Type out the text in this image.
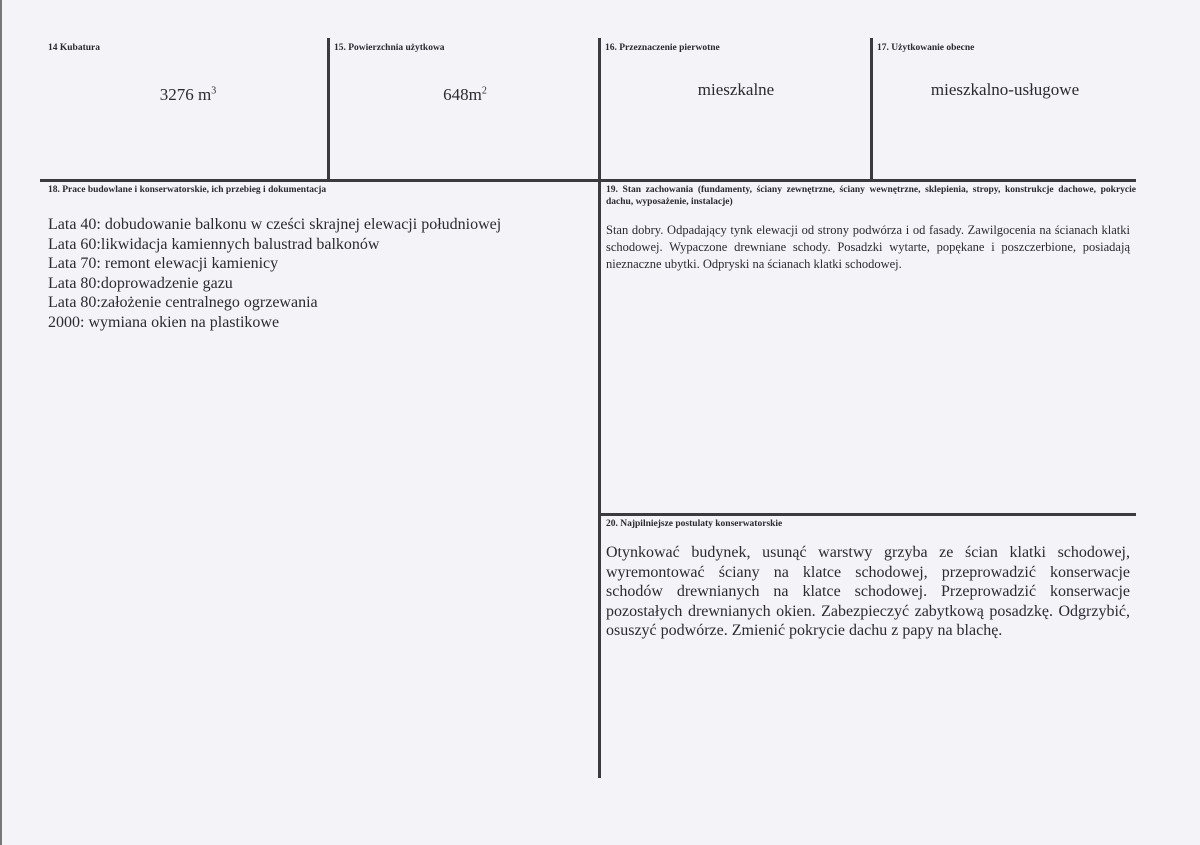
14 Kubatura
3276 $m^3$
15. Powierzchnia użytkowa
$648m^2$
16. Przeznaczenie pierwotne
mieszkalne
17. Użytkowanie obecne
mieszkalno-usługowe
18. Prace budowlane i konserwatorskie, ich przebieg i dokumentacja
Lata 40: dobudowanie balkonu w cześci skrajnej elewacji południowej
Lata 60:likwidacja kamiennych balustrad balkonów
Lata 70: remont elewacji kamienicy
Lata 80:doprowadzenie gazu
Lata 80:założenie centralnego ogrzewania
2000: wymiana okien na plastikowe
19. Stan zachowania (fundamenty, ściany zewnętrzne, ściany wewnętrzne, sklepienia, stropy, konstrukcje dachowe, pokrycie dachu, wyposażenie, instalacje)
Stan dobry. Odpadający tynk elewacji od strony podwórza i od fasady. Zawilgocenia na ścianach klatki schodowej. Wypaczone drewniane schody. Posadzki wytarte, popękane i poszczerbione, posiadają nieznaczne ubytki. Odpryski na ścianach klatki schodowej.
20. Najpilniejsze postulaty konserwatorskie
Otynkować budynek, usunąć warstwy grzyba ze ścian klatki schodowej, wyremontować ściany na klatce schodowej, przeprowadzić konserwacje schodów drewnianych na klatce schodowej. Przeprowadzić konserwacje pozostałych drewnianych okien. Zabezpieczyć zabytkową posadzkę. Odgrzybić, osuszyć podwórze. Zmienić pokrycie dachu z papy na blachę.
